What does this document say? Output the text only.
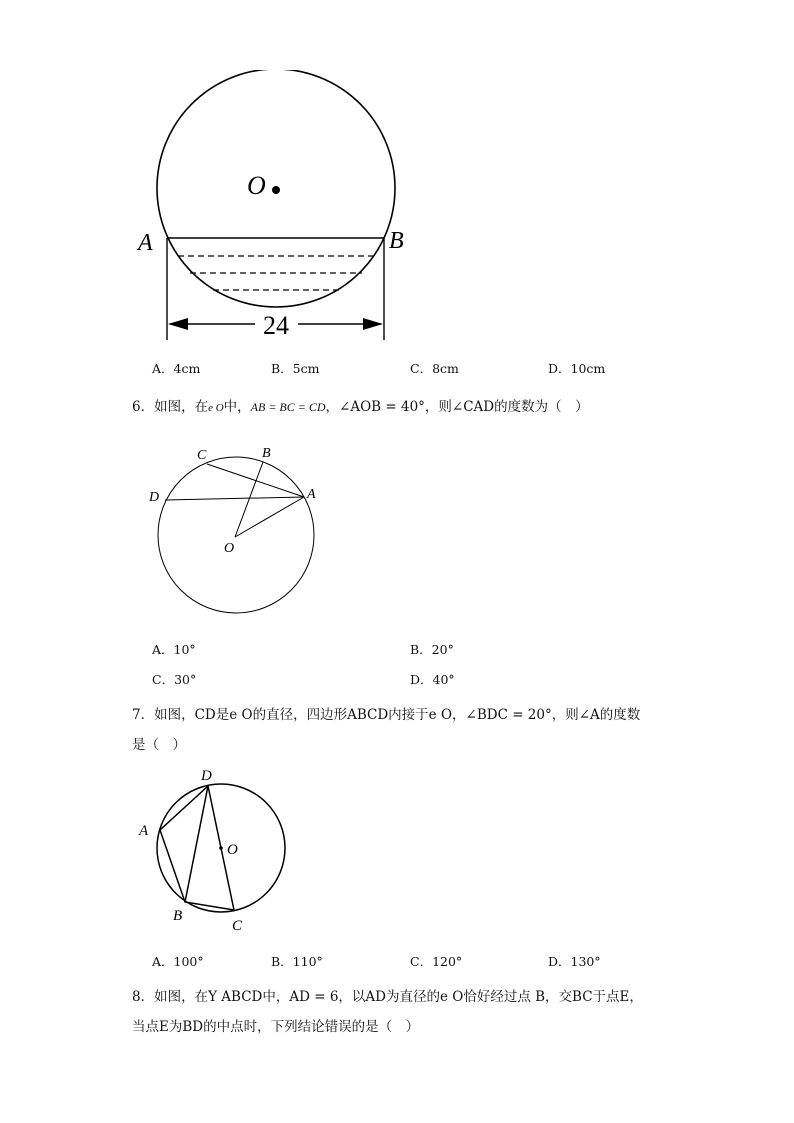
O
A	B
24
A．4cm	B．5cm	C．8cm	D．10cm
6．如图，在e O中，AB = BC = CD，∠AOB = 40°，则∠CAD的度数为（　）
C	B
D	A
O
A．10°	B．20°
C．30°	D．40°
7．如图，CD是e O的直径，四边形ABCD内接于e O，∠BDC = 20°，则∠A的度数
是（　）
D
A
O
B
C
A．100°	B．110°	C．120°	D．130°
8．如图，在Y ABCD中，AD = 6，以AD为直径的e O恰好经过点 B，交BC于点E，
当点E为BD的中点时，下列结论错误的是（　）
